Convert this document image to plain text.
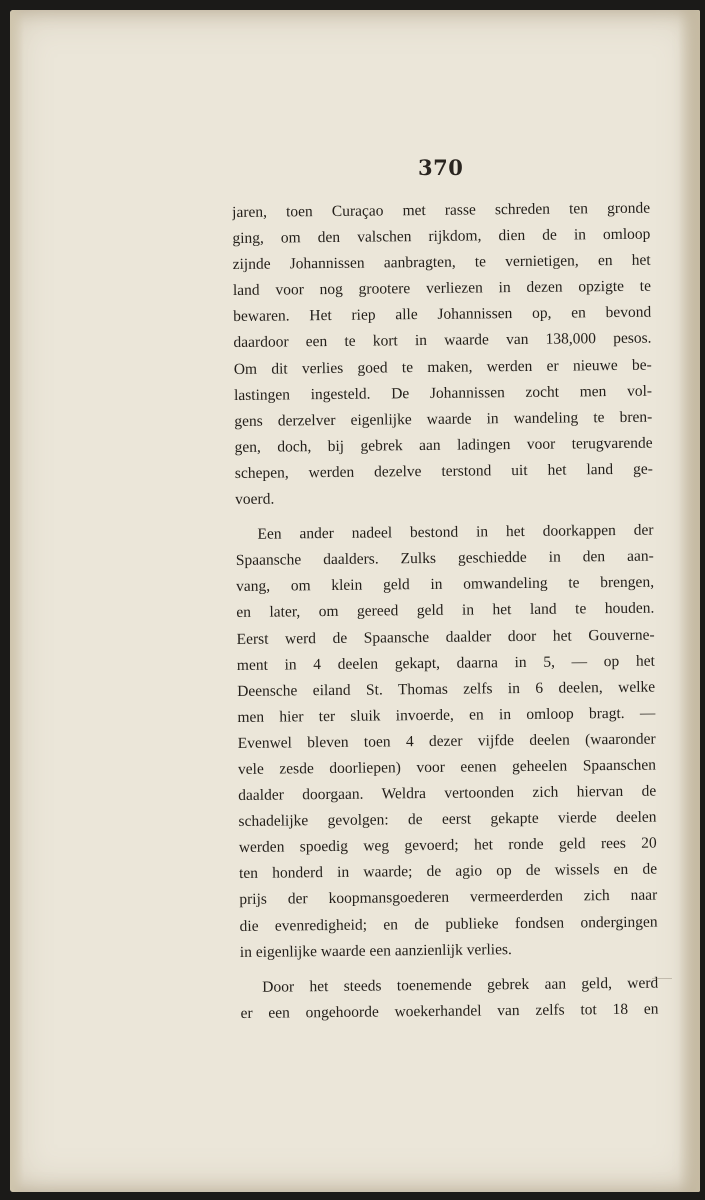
370
jaren, toen Curaçao met rasse schreden ten gronde
ging, om den valschen rijkdom, dien de in omloop
zijnde Johannissen aanbragten, te vernietigen, en het
land voor nog grootere verliezen in dezen opzigte te
bewaren. Het riep alle Johannissen op, en bevond
daardoor een te kort in waarde van 138,000 pesos.
Om dit verlies goed te maken, werden er nieuwe be-
lastingen ingesteld. De Johannissen zocht men vol-
gens derzelver eigenlijke waarde in wandeling te bren-
gen, doch, bij gebrek aan ladingen voor terugvarende
schepen, werden dezelve terstond uit het land ge-
voerd.
Een ander nadeel bestond in het doorkappen der
Spaansche daalders. Zulks geschiedde in den aan-
vang, om klein geld in omwandeling te brengen,
en later, om gereed geld in het land te houden.
Eerst werd de Spaansche daalder door het Gouverne-
ment in 4 deelen gekapt, daarna in 5, — op het
Deensche eiland St. Thomas zelfs in 6 deelen, welke
men hier ter sluik invoerde, en in omloop bragt. —
Evenwel bleven toen 4 dezer vijfde deelen (waaronder
vele zesde doorliepen) voor eenen geheelen Spaanschen
daalder doorgaan. Weldra vertoonden zich hiervan de
schadelijke gevolgen: de eerst gekapte vierde deelen
werden spoedig weg gevoerd; het ronde geld rees 20
ten honderd in waarde; de agio op de wissels en de
prijs der koopmansgoederen vermeerderden zich naar
die evenredigheid; en de publieke fondsen ondergingen
in eigenlijke waarde een aanzienlijk verlies.
Door het steeds toenemende gebrek aan geld, werd
er een ongehoorde woekerhandel van zelfs tot 18 en
